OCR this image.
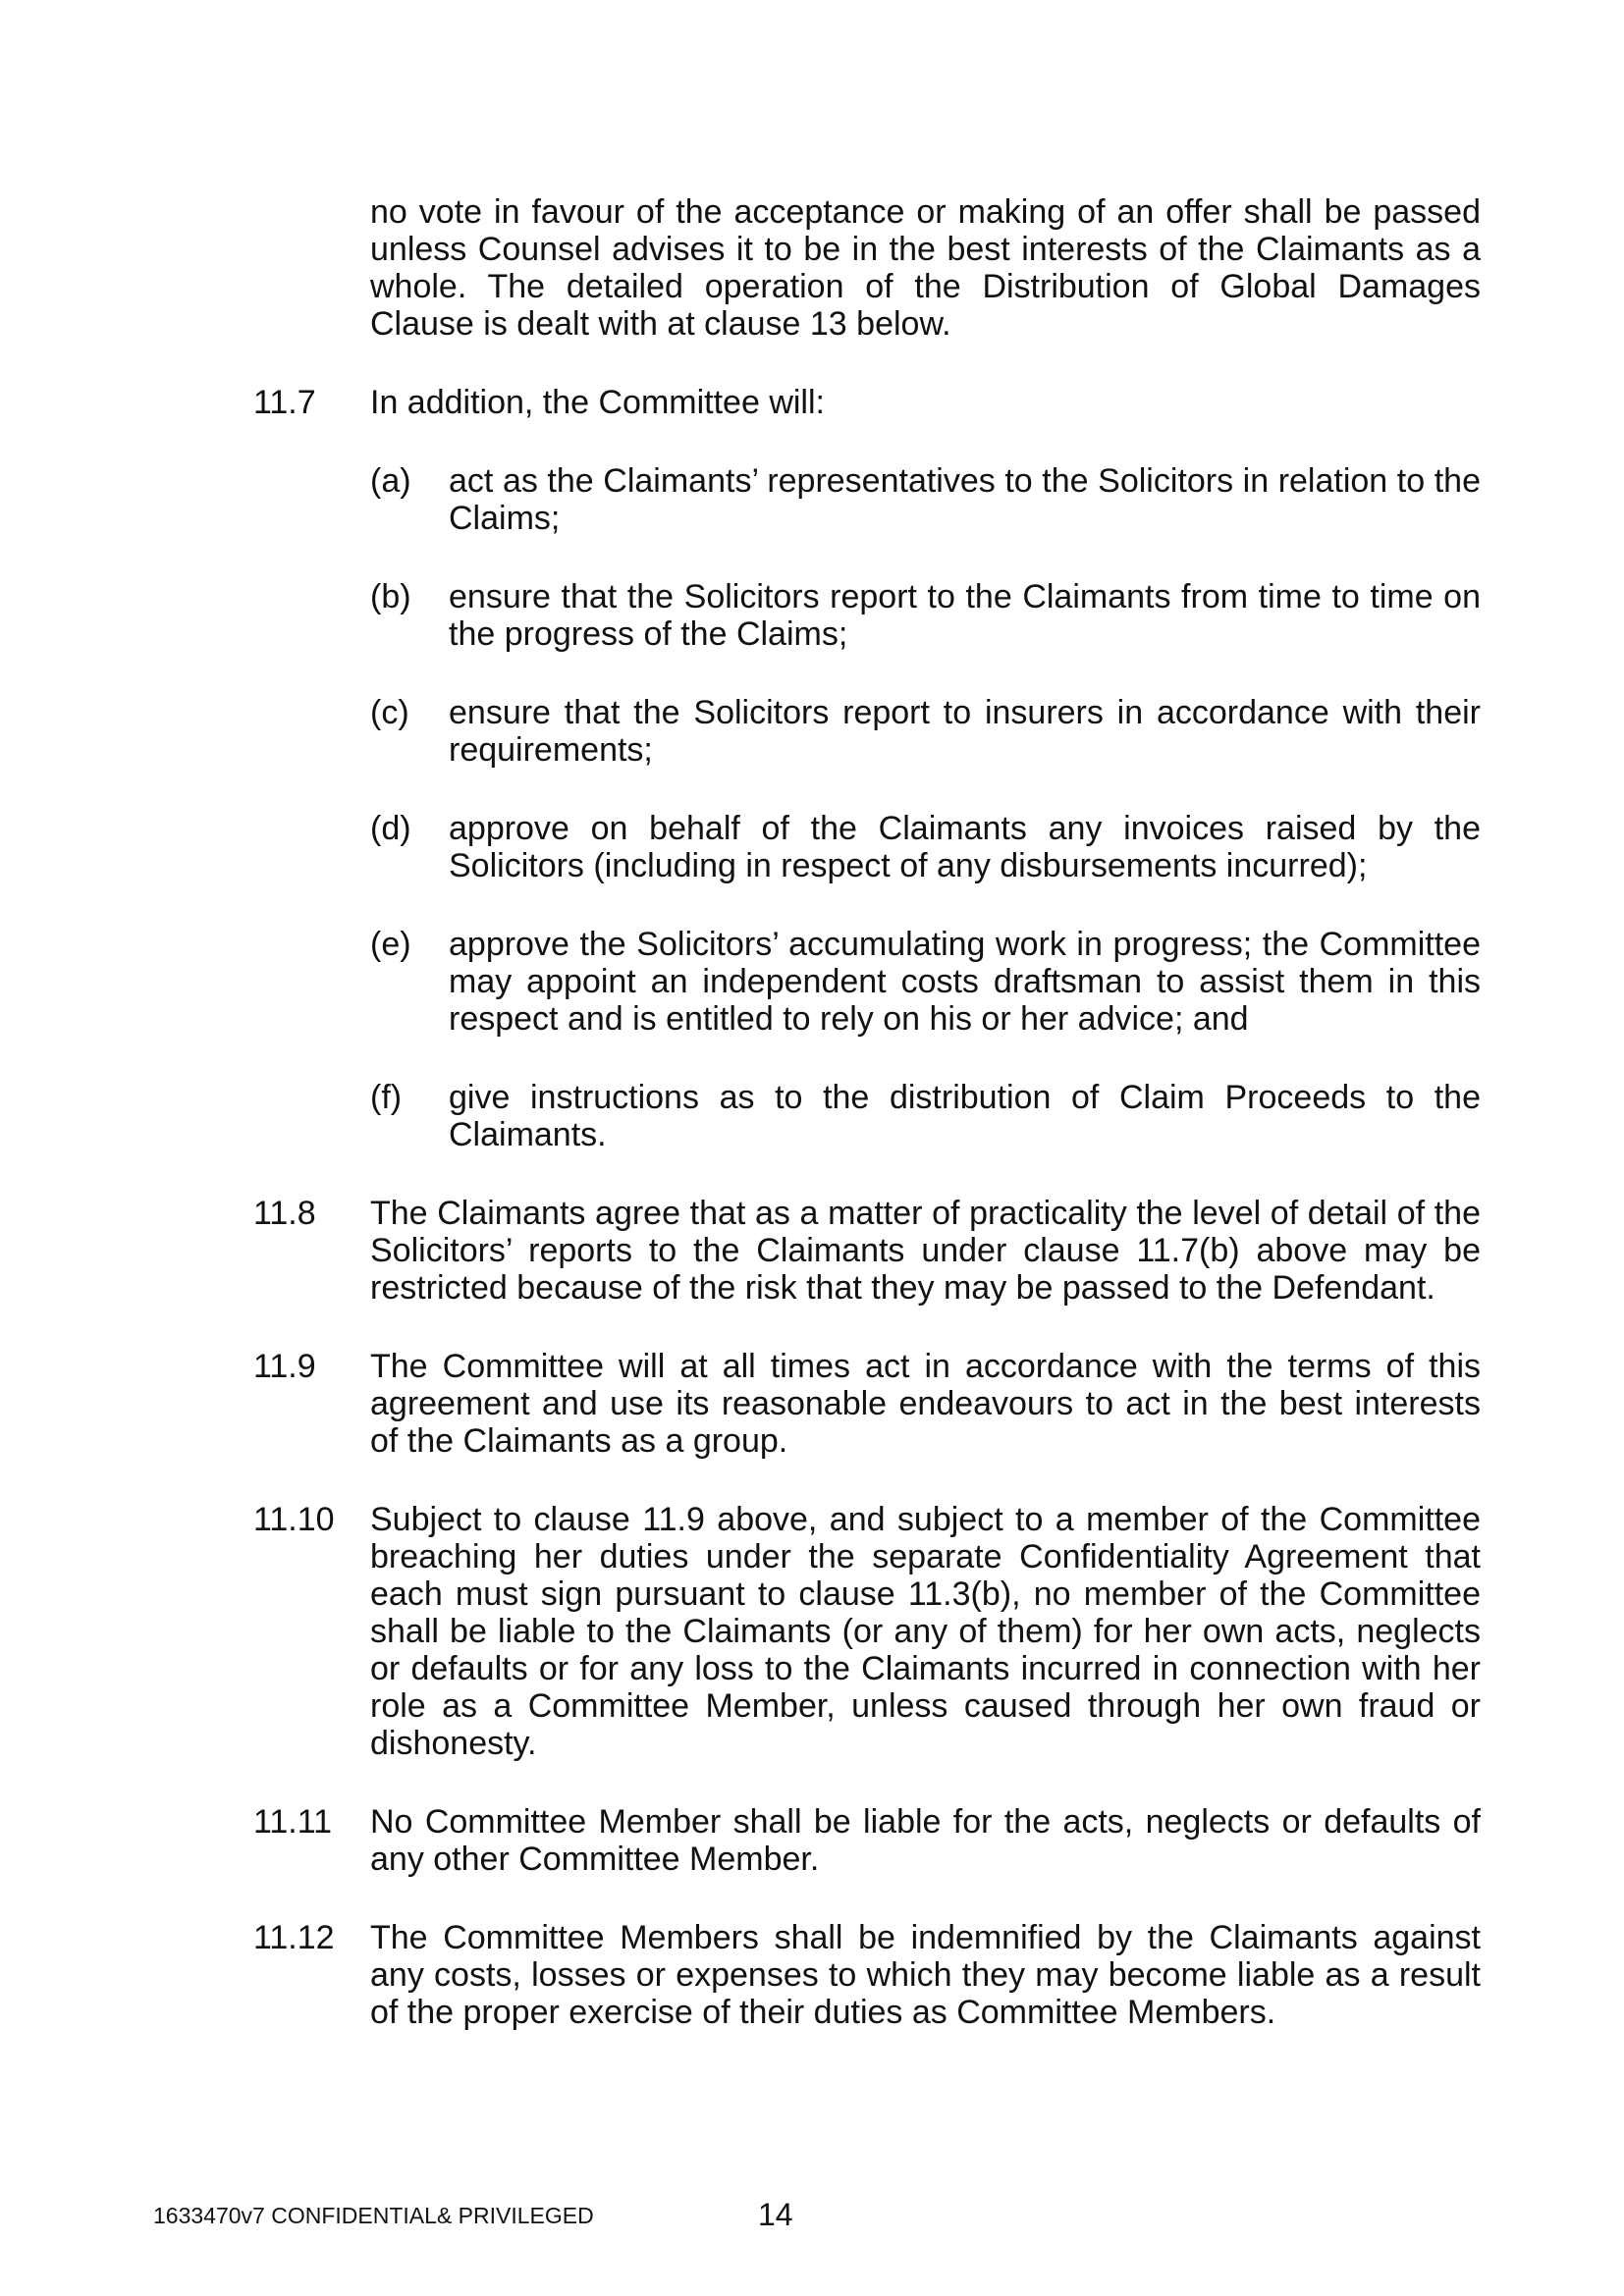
no vote in favour of the acceptance or making of an offer shall be passed unless Counsel advises it to be in the best interests of the Claimants as a whole. The detailed operation of the Distribution of Global Damages Clause is dealt with at clause 13 below.
11.7 In addition, the Committee will:
(a) act as the Claimants’ representatives to the Solicitors in relation to the Claims;
(b) ensure that the Solicitors report to the Claimants from time to time on the progress of the Claims;
(c) ensure that the Solicitors report to insurers in accordance with their requirements;
(d) approve on behalf of the Claimants any invoices raised by the Solicitors (including in respect of any disbursements incurred);
(e) approve the Solicitors’ accumulating work in progress; the Committee may appoint an independent costs draftsman to assist them in this respect and is entitled to rely on his or her advice; and
(f) give instructions as to the distribution of Claim Proceeds to the Claimants.
11.8 The Claimants agree that as a matter of practicality the level of detail of the Solicitors’ reports to the Claimants under clause 11.7(b) above may be restricted because of the risk that they may be passed to the Defendant.
11.9 The Committee will at all times act in accordance with the terms of this agreement and use its reasonable endeavours to act in the best interests of the Claimants as a group.
11.10 Subject to clause 11.9 above, and subject to a member of the Committee breaching her duties under the separate Confidentiality Agreement that each must sign pursuant to clause 11.3(b), no member of the Committee shall be liable to the Claimants (or any of them) for her own acts, neglects or defaults or for any loss to the Claimants incurred in connection with her role as a Committee Member, unless caused through her own fraud or dishonesty.
11.11 No Committee Member shall be liable for the acts, neglects or defaults of any other Committee Member.
11.12 The Committee Members shall be indemnified by the Claimants against any costs, losses or expenses to which they may become liable as a result of the proper exercise of their duties as Committee Members.
1633470v7 CONFIDENTIAL& PRIVILEGED	14
